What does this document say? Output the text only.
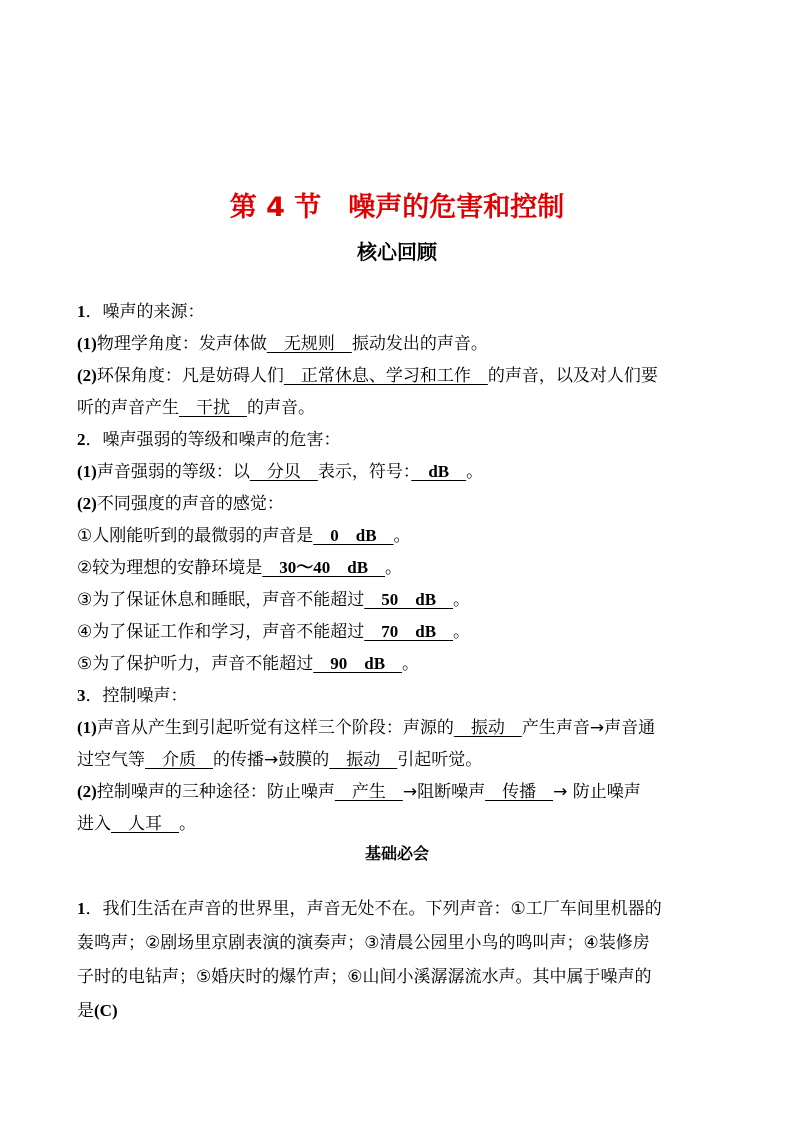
第 4 节　噪声的危害和控制
核心回顾
1．噪声的来源：
(1)物理学角度：发声体做　无规则　振动发出的声音。
(2)环保角度：凡是妨碍人们　正常休息、学习和工作　的声音，以及对人们要
听的声音产生　干扰　的声音。
2．噪声强弱的等级和噪声的危害：
(1)声音强弱的等级：以　分贝　表示，符号：　dB　。
(2)不同强度的声音的感觉：
①人刚能听到的最微弱的声音是　0　dB　。
②较为理想的安静环境是　30～40　dB　。
③为了保证休息和睡眠，声音不能超过　50　dB　。
④为了保证工作和学习，声音不能超过　70　dB　。
⑤为了保护听力，声音不能超过　90　dB　。
3．控制噪声：
(1)声音从产生到引起听觉有这样三个阶段：声源的　振动　产生声音→声音通
过空气等　介质　的传播→鼓膜的　振动　引起听觉。
(2)控制噪声的三种途径：防止噪声　产生　→阻断噪声　传播　→ 防止噪声
进入　人耳　。
基础必会
1．我们生活在声音的世界里，声音无处不在。下列声音：①工厂车间里机器的
轰鸣声；②剧场里京剧表演的演奏声；③清晨公园里小鸟的鸣叫声；④装修房
子时的电钻声；⑤婚庆时的爆竹声；⑥山间小溪潺潺流水声。其中属于噪声的
是(C)
